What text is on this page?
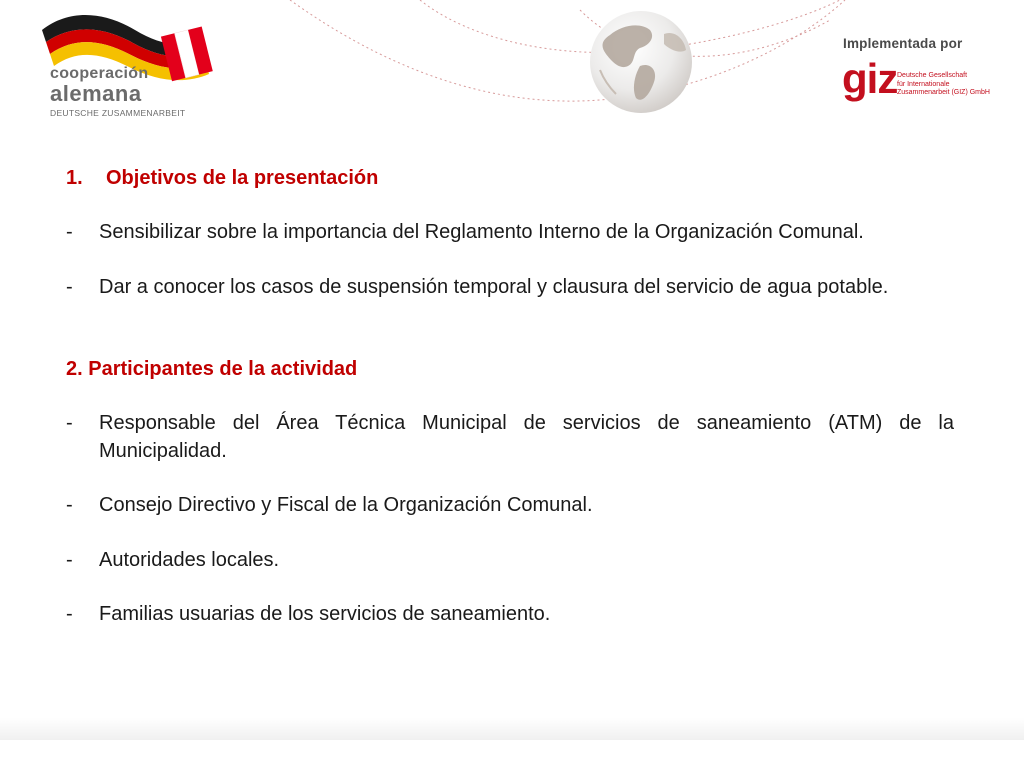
cooperación
alemana
DEUTSCHE ZUSAMMENARBEIT
Implementada por
giz Deutsche Gesellschaft
für Internationale
Zusammenarbeit (GIZ) GmbH
1. Objetivos de la presentación
-	Sensibilizar sobre la importancia del Reglamento Interno de la Organización Comunal.
-	Dar a conocer los casos de suspensión temporal y clausura del servicio de agua potable.
2. Participantes de la actividad
-	Responsable del Área Técnica Municipal de servicios de saneamiento (ATM) de la Municipalidad.
-	Consejo Directivo y Fiscal de la Organización Comunal.
-	Autoridades locales.
-	Familias usuarias de los servicios de saneamiento.
